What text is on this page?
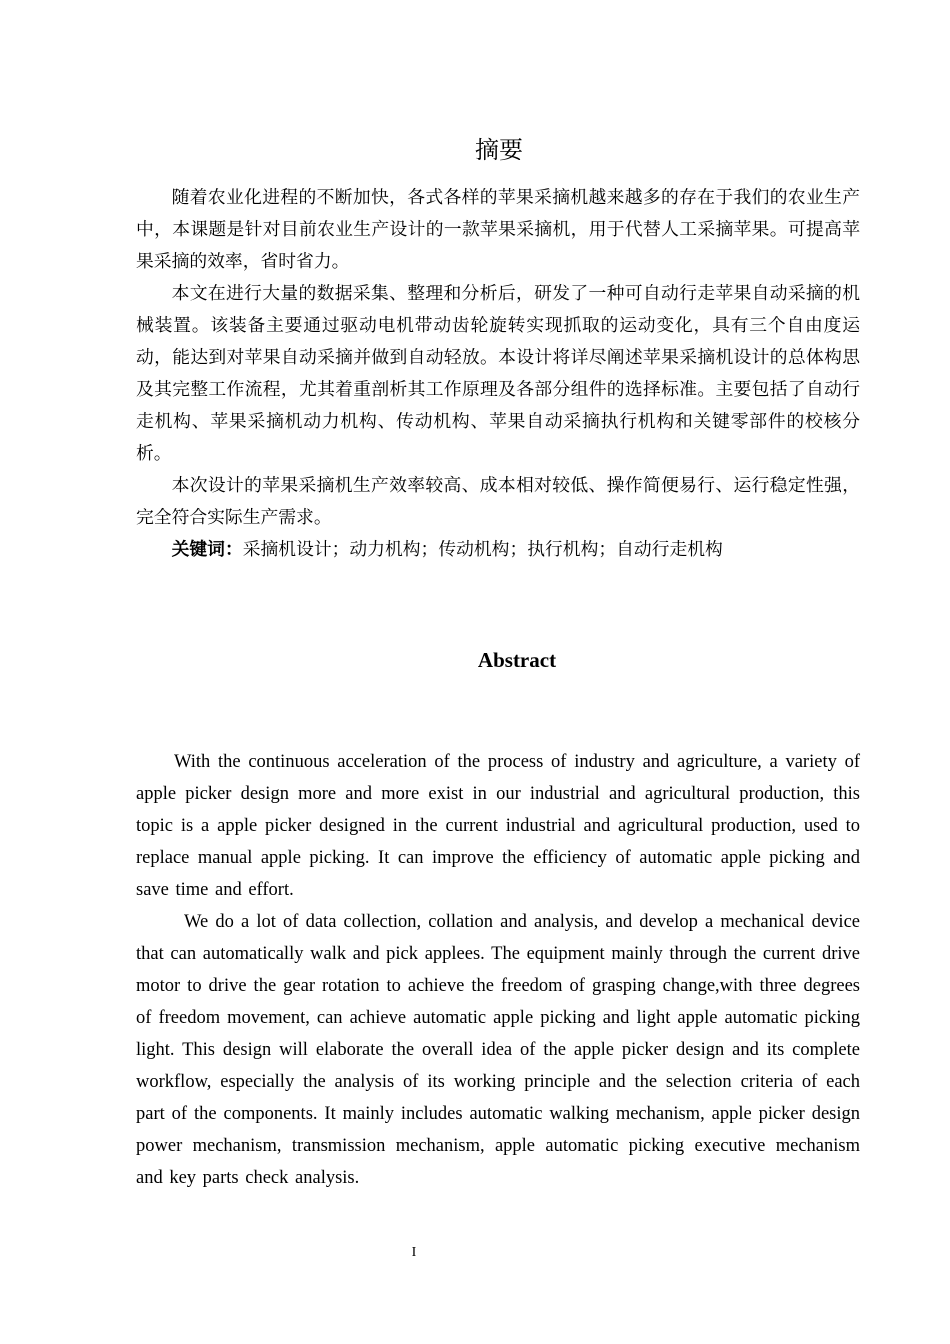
摘要

随着农业化进程的不断加快，各式各样的苹果采摘机越来越多的存在于我们的农业生产中，本课题是针对目前农业生产设计的一款苹果采摘机，用于代替人工采摘苹果。可提高苹果采摘的效率，省时省力。

本文在进行大量的数据采集、整理和分析后，研发了一种可自动行走苹果自动采摘的机械装置。该装备主要通过驱动电机带动齿轮旋转实现抓取的运动变化，具有三个自由度运动，能达到对苹果自动采摘并做到自动轻放。本设计将详尽阐述苹果采摘机设计的总体构思及其完整工作流程，尤其着重剖析其工作原理及各部分组件的选择标准。主要包括了自动行走机构、苹果采摘机动力机构、传动机构、苹果自动采摘执行机构和关键零部件的校核分析。

本次设计的苹果采摘机生产效率较高、成本相对较低、操作简便易行、运行稳定性强，完全符合实际生产需求。

关键词：采摘机设计；动力机构；传动机构；执行机构；自动行走机构

Abstract

With the continuous acceleration of the process of industry and agriculture, a variety of apple picker design more and more exist in our industrial and agricultural production, this topic is a apple picker designed in the current industrial and agricultural production, used to replace manual apple picking. It can improve the efficiency of automatic apple picking and save time and effort.

We do a lot of data collection, collation and analysis, and develop a mechanical device that can automatically walk and pick applees. The equipment mainly through the current drive motor to drive the gear rotation to achieve the freedom of grasping change,with three degrees of freedom movement, can achieve automatic apple picking and light apple automatic picking light. This design will elaborate the overall idea of the apple picker design and its complete workflow, especially the analysis of its working principle and the selection criteria of each part of the components. It mainly includes automatic walking mechanism, apple picker design power mechanism, transmission mechanism, apple automatic picking executive mechanism and key parts check analysis.

I
